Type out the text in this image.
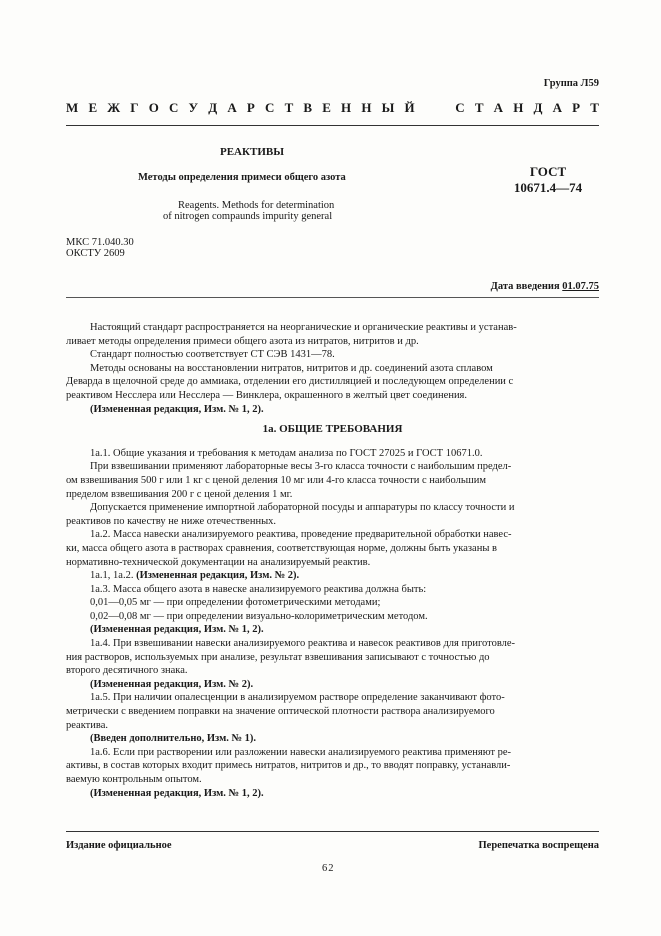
Группа Л59
М Е Ж Г О С У Д А Р С Т В Е Н Н Ы Й	С Т А Н Д А Р Т
РЕАКТИВЫ
Методы определения примеси общего азота
Reagents. Methods for determination
of nitrogen compaunds impurity general
ГОСТ
10671.4—74
МКС 71.040.30
ОКСТУ 2609
Дата введения 01.07.75

Настоящий стандарт распространяется на неорганические и органические реактивы и устанав-

ливает методы определения примеси общего азота из нитратов, нитритов и др.

Стандарт полностью соответствует СТ СЭВ 1431—78.

Методы основаны на восстановлении нитратов, нитритов и др. соединений азота сплавом

Деварда в щелочной среде до аммиака, отделении его дистилляцией и последующем определении с

реактивом Несслера или Несслера — Винклера, окрашенного в желтый цвет соединения.

(Измененная редакция, Изм. № 1, 2).

1а. ОБЩИЕ ТРЕБОВАНИЯ

1а.1. Общие указания и требования к методам анализа по ГОСТ 27025 и ГОСТ 10671.0.

При взвешивании применяют лабораторные весы 3-го класса точности с наибольшим предел-

ом взвешивания 500 г или 1 кг с ценой деления 10 мг или 4-го класса точности с наибольшим

пределом взвешивания 200 г с ценой деления 1 мг.

Допускается применение импортной лабораторной посуды и аппаратуры по классу точности и

реактивов по качеству не ниже отечественных.

1а.2. Масса навески анализируемого реактива, проведение предварительной обработки навес-

ки, масса общего азота в растворах сравнения, соответствующая норме, должны быть указаны в

нормативно-технической документации на анализируемый реактив.

1а.1, 1а.2. (Измененная редакция, Изм. № 2).

1а.3. Масса общего азота в навеске анализируемого реактива должна быть:

0,01—0,05 мг — при определении фотометрическими методами;

0,02—0,08 мг — при определении визуально-колориметрическим методом.

(Измененная редакция, Изм. № 1, 2).

1а.4. При взвешивании навески анализируемого реактива и навесок реактивов для приготовле-

ния растворов, используемых при анализе, результат взвешивания записывают с точностью до

второго десятичного знака.

(Измененная редакция, Изм. № 2).

1а.5. При наличии опалесценции в анализируемом растворе определение заканчивают фото-

метрически с введением поправки на значение оптической плотности раствора анализируемого

реактива.

(Введен дополнительно, Изм. № 1).

1а.6. Если при растворении или разложении навески анализируемого реактива применяют ре-

активы, в состав которых входит примесь нитратов, нитритов и др., то вводят поправку, устанавли-

ваемую контрольным опытом.

(Измененная редакция, Изм. № 1, 2).

Издание официальное	Перепечатка воспрещена
62
